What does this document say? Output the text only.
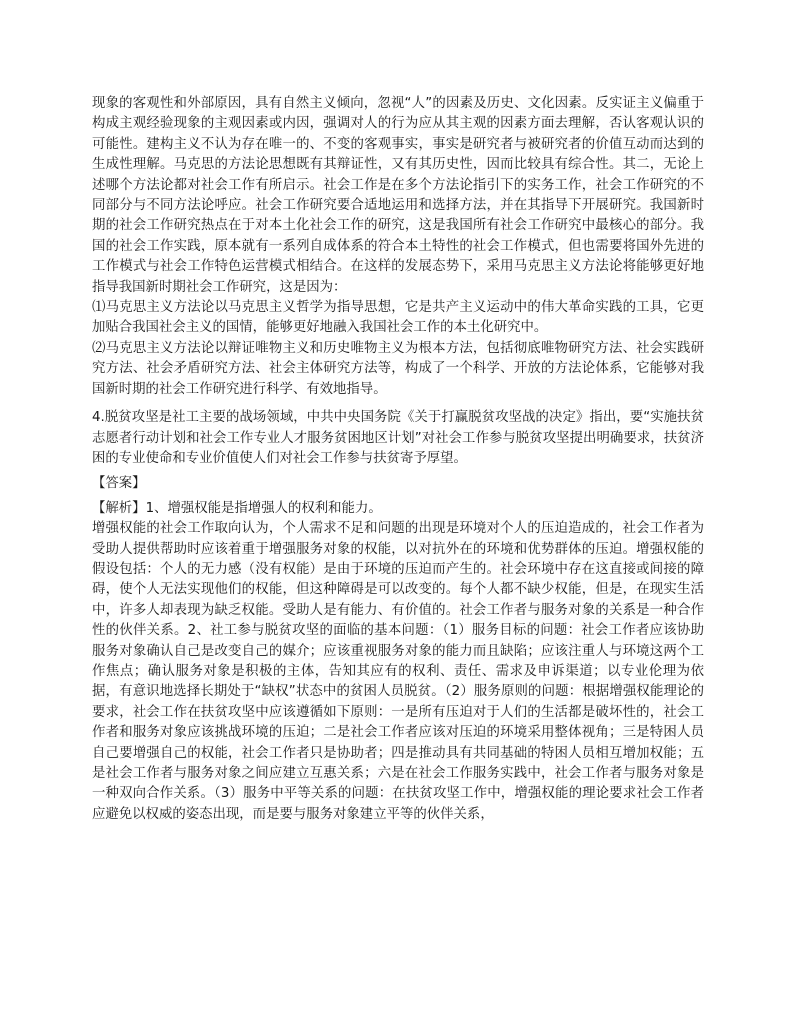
现象的客观性和外部原因，具有自然主义倾向，忽视“人”的因素及历史、文化因素。反实证主义偏重于构成主观经验现象的主观因素或内因，强调对人的行为应从其主观的因素方面去理解，否认客观认识的可能性。建构主义不认为存在唯一的、不变的客观事实，事实是研究者与被研究者的价值互动而达到的生成性理解。马克思的方法论思想既有其辩证性，又有其历史性，因而比较具有综合性。其二，无论上述哪个方法论都对社会工作有所启示。社会工作是在多个方法论指引下的实务工作，社会工作研究的不同部分与不同方法论呼应。社会工作研究要合适地运用和选择方法，并在其指导下开展研究。我国新时期的社会工作研究热点在于对本土化社会工作的研究，这是我国所有社会工作研究中最核心的部分。我国的社会工作实践，原本就有一系列自成体系的符合本土特性的社会工作模式，但也需要将国外先进的工作模式与社会工作特色运营模式相结合。在这样的发展态势下，采用马克思主义方法论将能够更好地指导我国新时期社会工作研究，这是因为：

⑴马克思主义方法论以马克思主义哲学为指导思想，它是共产主义运动中的伟大革命实践的工具，它更加贴合我国社会主义的国情，能够更好地融入我国社会工作的本土化研究中。

⑵马克思主义方法论以辩证唯物主义和历史唯物主义为根本方法，包括彻底唯物研究方法、社会实践研究方法、社会矛盾研究方法、社会主体研究方法等，构成了一个科学、开放的方法论体系，它能够对我国新时期的社会工作研究进行科学、有效地指导。

4.脱贫攻坚是社工主要的战场领域，中共中央国务院《关于打赢脱贫攻坚战的决定》指出，要“实施扶贫志愿者行动计划和社会工作专业人才服务贫困地区计划”对社会工作参与脱贫攻坚提出明确要求，扶贫济困的专业使命和专业价值使人们对社会工作参与扶贫寄予厚望。

【答案】

【解析】1、增强权能是指增强人的权利和能力。

增强权能的社会工作取向认为，个人需求不足和问题的出现是环境对个人的压迫造成的，社会工作者为受助人提供帮助时应该着重于增强服务对象的权能，以对抗外在的环境和优势群体的压迫。增强权能的假设包括：个人的无力感（没有权能）是由于环境的压迫而产生的。社会环境中存在这直接或间接的障碍，使个人无法实现他们的权能，但这种障碍是可以改变的。每个人都不缺少权能，但是，在现实生活中，许多人却表现为缺乏权能。受助人是有能力、有价值的。社会工作者与服务对象的关系是一种合作性的伙伴关系。2、社工参与脱贫攻坚的面临的基本问题：（1）服务目标的问题：社会工作者应该协助服务对象确认自己是改变自己的媒介；应该重视服务对象的能力而且缺陷；应该注重人与环境这两个工作焦点；确认服务对象是积极的主体，告知其应有的权利、责任、需求及申诉渠道；以专业伦理为依据，有意识地选择长期处于“缺权”状态中的贫困人员脱贫。（2）服务原则的问题：根据增强权能理论的要求，社会工作在扶贫攻坚中应该遵循如下原则：一是所有压迫对于人们的生活都是破坏性的，社会工作者和服务对象应该挑战环境的压迫；二是社会工作者应该对压迫的环境采用整体视角；三是特困人员自己要增强自己的权能，社会工作者只是协助者；四是推动具有共同基础的特困人员相互增加权能；五是社会工作者与服务对象之间应建立互惠关系；六是在社会工作服务实践中，社会工作者与服务对象是一种双向合作关系。（3）服务中平等关系的问题：在扶贫攻坚工作中，增强权能的理论要求社会工作者应避免以权威的姿态出现，而是要与服务对象建立平等的伙伴关系，
